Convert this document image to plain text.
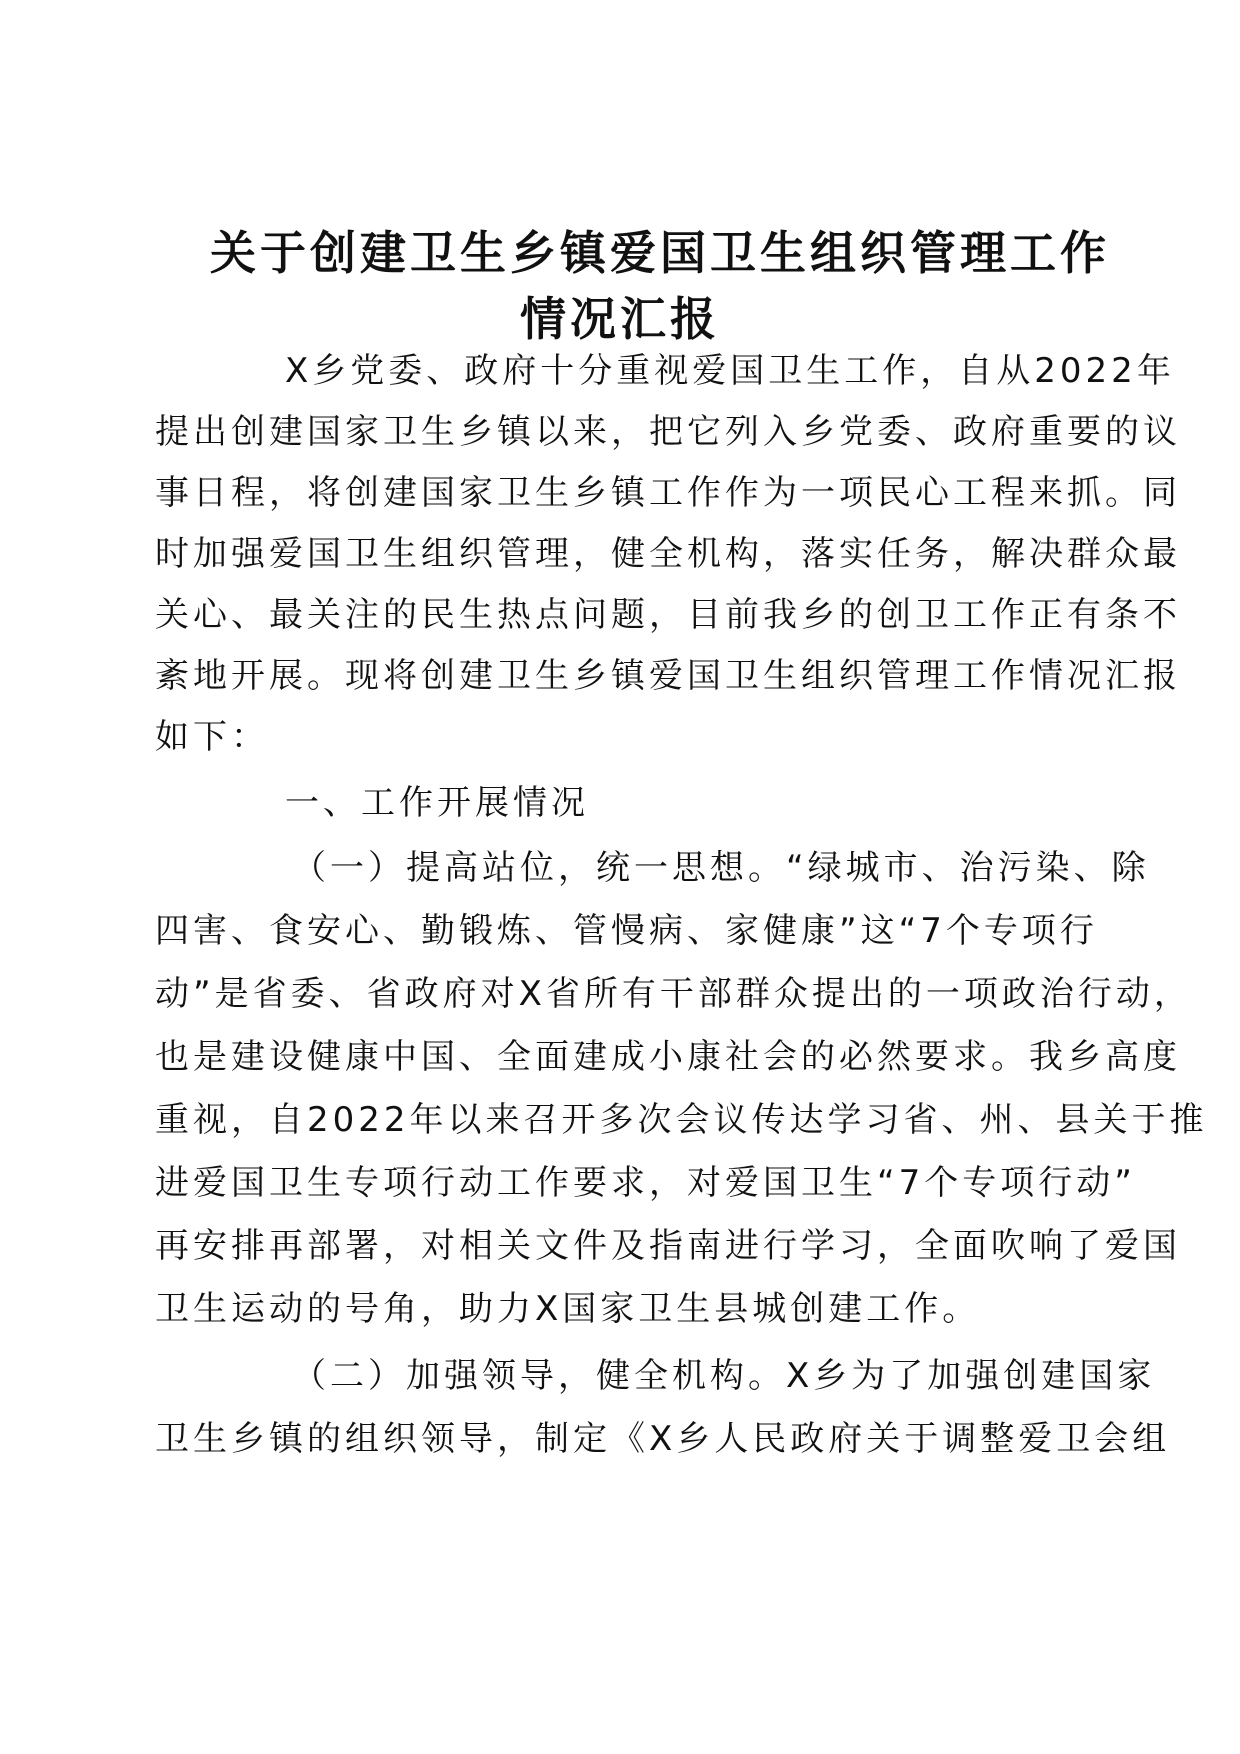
关于创建卫生乡镇爱国卫生组织管理工作
情况汇报
X乡党委、政府十分重视爱国卫生工作，自从2022年
提出创建国家卫生乡镇以来，把它列入乡党委、政府重要的议
事日程，将创建国家卫生乡镇工作作为一项民心工程来抓。同
时加强爱国卫生组织管理，健全机构，落实任务，解决群众最
关心、最关注的民生热点问题，目前我乡的创卫工作正有条不
紊地开展。现将创建卫生乡镇爱国卫生组织管理工作情况汇报
如下：
一、工作开展情况
（一）提高站位，统一思想。“绿城市、治污染、除
四害、食安心、勤锻炼、管慢病、家健康”这“7个专项行
动”是省委、省政府对X省所有干部群众提出的一项政治行动，
也是建设健康中国、全面建成小康社会的必然要求。我乡高度
重视，自2022年以来召开多次会议传达学习省、州、县关于推
进爱国卫生专项行动工作要求，对爱国卫生“7个专项行动”
再安排再部署，对相关文件及指南进行学习，全面吹响了爱国
卫生运动的号角，助力X国家卫生县城创建工作。
（二）加强领导，健全机构。X乡为了加强创建国家
卫生乡镇的组织领导，制定《X乡人民政府关于调整爱卫会组
